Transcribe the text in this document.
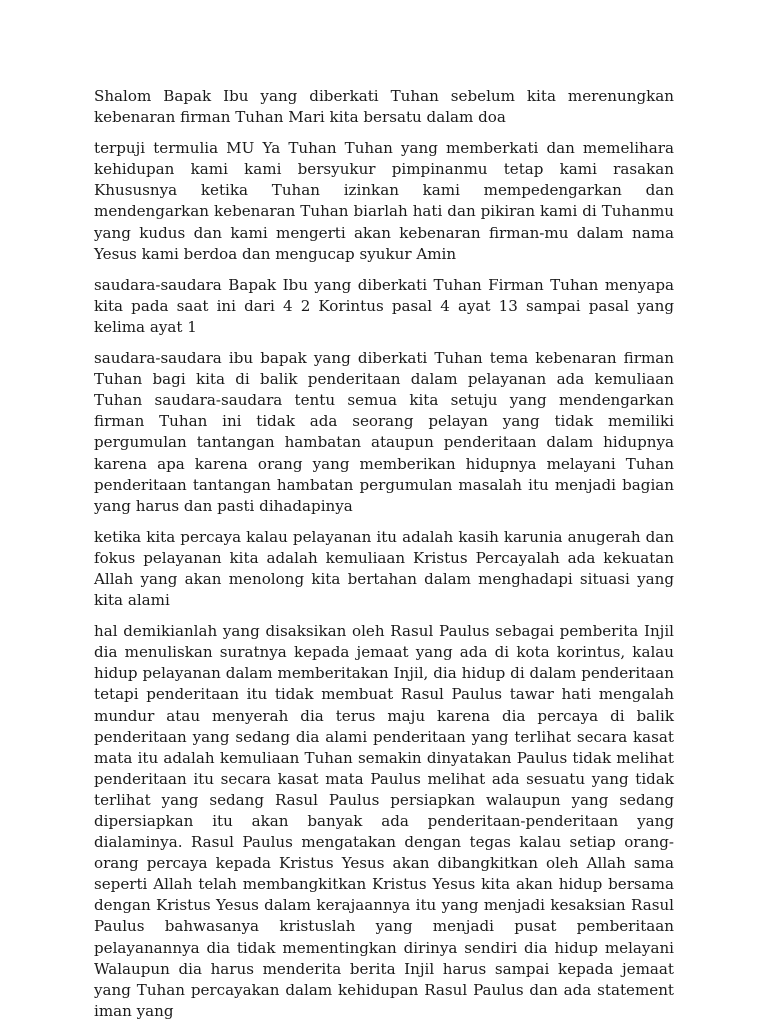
Shalom Bapak Ibu yang diberkati Tuhan sebelum kita merenungkan kebenaran firman Tuhan Mari kita bersatu dalam doa

terpuji termulia MU Ya Tuhan Tuhan yang memberkati dan memelihara kehidupan kami kami bersyukur pimpinanmu tetap kami rasakan Khususnya ketika Tuhan izinkan kami mempedengarkan dan mendengarkan kebenaran Tuhan biarlah hati dan pikiran kami di Tuhanmu yang kudus dan kami mengerti akan kebenaran firman-mu dalam nama Yesus kami berdoa dan mengucap syukur Amin

saudara-saudara Bapak Ibu yang diberkati Tuhan Firman Tuhan menyapa kita pada saat ini dari 4 2 Korintus pasal 4 ayat 13 sampai pasal yang kelima ayat 1

saudara-saudara ibu bapak yang diberkati Tuhan tema kebenaran firman Tuhan bagi kita di balik penderitaan dalam pelayanan ada kemuliaan Tuhan saudara-saudara tentu semua kita setuju yang mendengarkan firman Tuhan ini tidak ada seorang pelayan yang tidak memiliki pergumulan tantangan hambatan ataupun penderitaan dalam hidupnya karena apa karena orang yang memberikan hidupnya melayani Tuhan penderitaan tantangan hambatan pergumulan masalah itu menjadi bagian yang harus dan pasti dihadapinya

ketika kita percaya kalau pelayanan itu adalah kasih karunia anugerah dan fokus pelayanan kita adalah kemuliaan Kristus Percayalah ada kekuatan Allah yang akan menolong kita bertahan dalam menghadapi situasi yang kita alami

hal demikianlah yang disaksikan oleh Rasul Paulus sebagai pemberita Injil dia menuliskan suratnya kepada jemaat yang ada di kota korintus, kalau hidup pelayanan dalam memberitakan Injil, dia hidup di dalam penderitaan tetapi penderitaan itu tidak membuat Rasul Paulus tawar hati mengalah mundur atau menyerah dia terus maju karena dia percaya di balik penderitaan yang sedang dia alami penderitaan yang terlihat secara kasat mata itu adalah kemuliaan Tuhan semakin dinyatakan Paulus tidak melihat penderitaan itu secara kasat mata Paulus melihat ada sesuatu yang tidak terlihat yang sedang Rasul Paulus persiapkan walaupun yang sedang dipersiapkan itu akan banyak ada penderitaan-penderitaan yang dialaminya. Rasul Paulus mengatakan dengan tegas kalau setiap orang-orang percaya kepada Kristus Yesus akan dibangkitkan oleh Allah sama seperti Allah telah membangkitkan Kristus Yesus kita akan hidup bersama dengan Kristus Yesus dalam kerajaannya itu yang menjadi kesaksian Rasul Paulus bahwasanya kristuslah yang menjadi pusat pemberitaan pelayanannya dia tidak mementingkan dirinya sendiri dia hidup melayani Walaupun dia harus menderita berita Injil harus sampai kepada jemaat yang Tuhan percayakan dalam kehidupan Rasul Paulus dan ada statement iman yang
